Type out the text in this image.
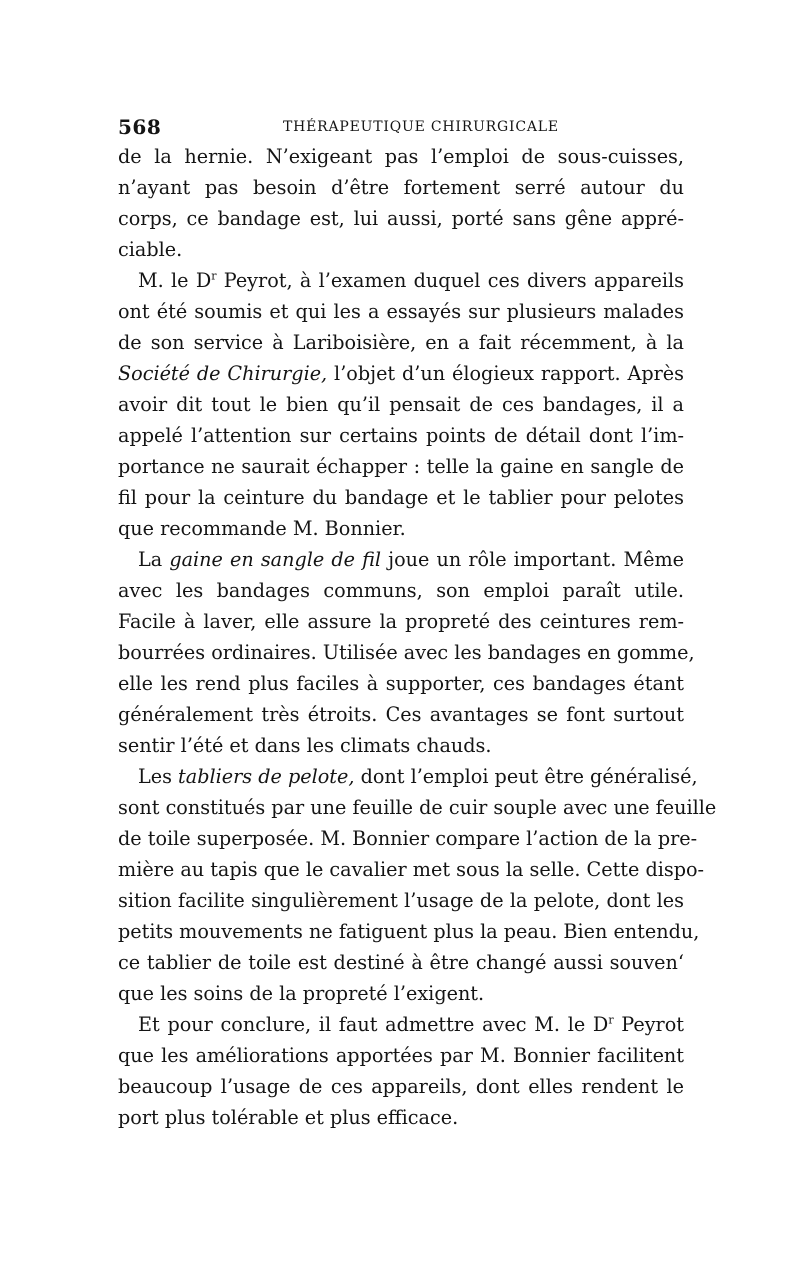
568	THÉRAPEUTIQUE CHIRURGICALE
de la hernie. N’exigeant pas l’emploi de sous-cuisses,
n’ayant pas besoin d’être fortement serré autour du
corps, ce bandage est, lui aussi, porté sans gêne appré-
ciable.
M. le $D^r$ Peyrot, à l’examen duquel ces divers appareils
ont été soumis et qui les a essayés sur plusieurs malades
de son service à Lariboisière, en a fait récemment, à la
Société de Chirurgie, l’objet d’un élogieux rapport. Après
avoir dit tout le bien qu’il pensait de ces bandages, il a
appelé l’attention sur certains points de détail dont l’im-
portance ne saurait échapper : telle la gaine en sangle de
fil pour la ceinture du bandage et le tablier pour pelotes
que recommande M. Bonnier.
La gaine en sangle de fil joue un rôle important. Même
avec les bandages communs, son emploi paraît utile.
Facile à laver, elle assure la propreté des ceintures rem-
bourrées ordinaires. Utilisée avec les bandages en gomme,
elle les rend plus faciles à supporter, ces bandages étant
généralement très étroits. Ces avantages se font surtout
sentir l’été et dans les climats chauds.
Les tabliers de pelote, dont l’emploi peut être généralisé,
sont constitués par une feuille de cuir souple avec une feuille
de toile superposée. M. Bonnier compare l’action de la pre-
mière au tapis que le cavalier met sous la selle. Cette dispo-
sition facilite singulièrement l’usage de la pelote, dont les
petits mouvements ne fatiguent plus la peau. Bien entendu,
ce tablier de toile est destiné à être changé aussi souven‘
que les soins de la propreté l’exigent.
Et pour conclure, il faut admettre avec M. le $D^r$ Peyrot
que les améliorations apportées par M. Bonnier facilitent
beaucoup l’usage de ces appareils, dont elles rendent le
port plus tolérable et plus efficace.
